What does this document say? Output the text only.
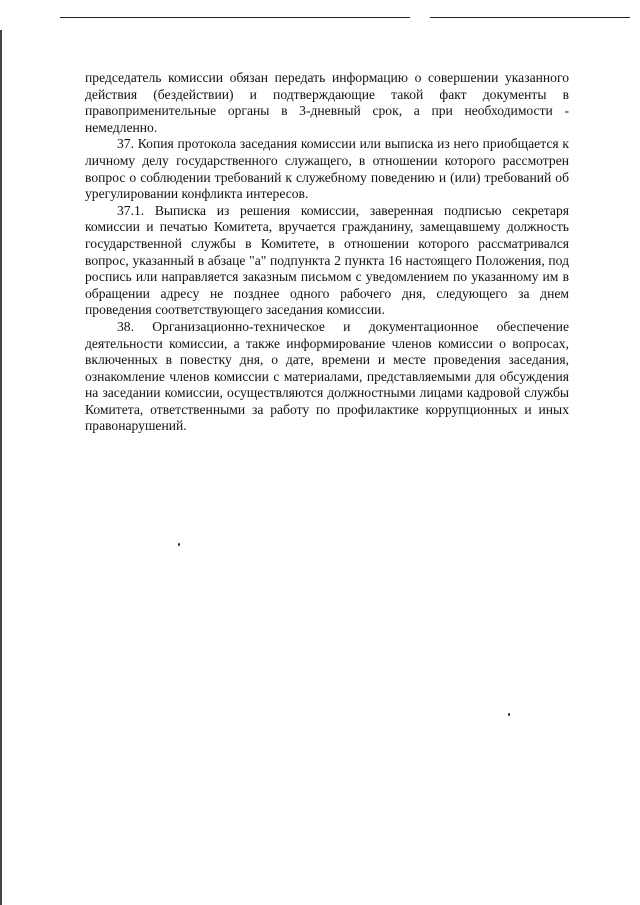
председатель комиссии обязан передать информацию о совершении указанного действия (бездействии) и подтверждающие такой факт документы в правоприменительные органы в 3-дневный срок, а при необходимости - немедленно.

37. Копия протокола заседания комиссии или выписка из него приобщается к личному делу государственного служащего, в отношении которого рассмотрен вопрос о соблюдении требований к служебному поведению и (или) требований об урегулировании конфликта интересов.

37.1. Выписка из решения комиссии, заверенная подписью секретаря комиссии и печатью Комитета, вручается гражданину, замещавшему должность государственной службы в Комитете, в отношении которого рассматривался вопрос, указанный в абзаце "а" подпункта 2 пункта 16 настоящего Положения, под роспись или направляется заказным письмом с уведомлением по указанному им в обращении адресу не позднее одного рабочего дня, следующего за днем проведения соответствующего заседания комиссии.

38. Организационно-техническое и документационное обеспечение деятельности комиссии, а также информирование членов комиссии о вопросах, включенных в повестку дня, о дате, времени и месте проведения заседания, ознакомление членов комиссии с материалами, представляемыми для обсуждения на заседании комиссии, осуществляются должностными лицами кадровой службы Комитета, ответственными за работу по профилактике коррупционных и иных правонарушений.
